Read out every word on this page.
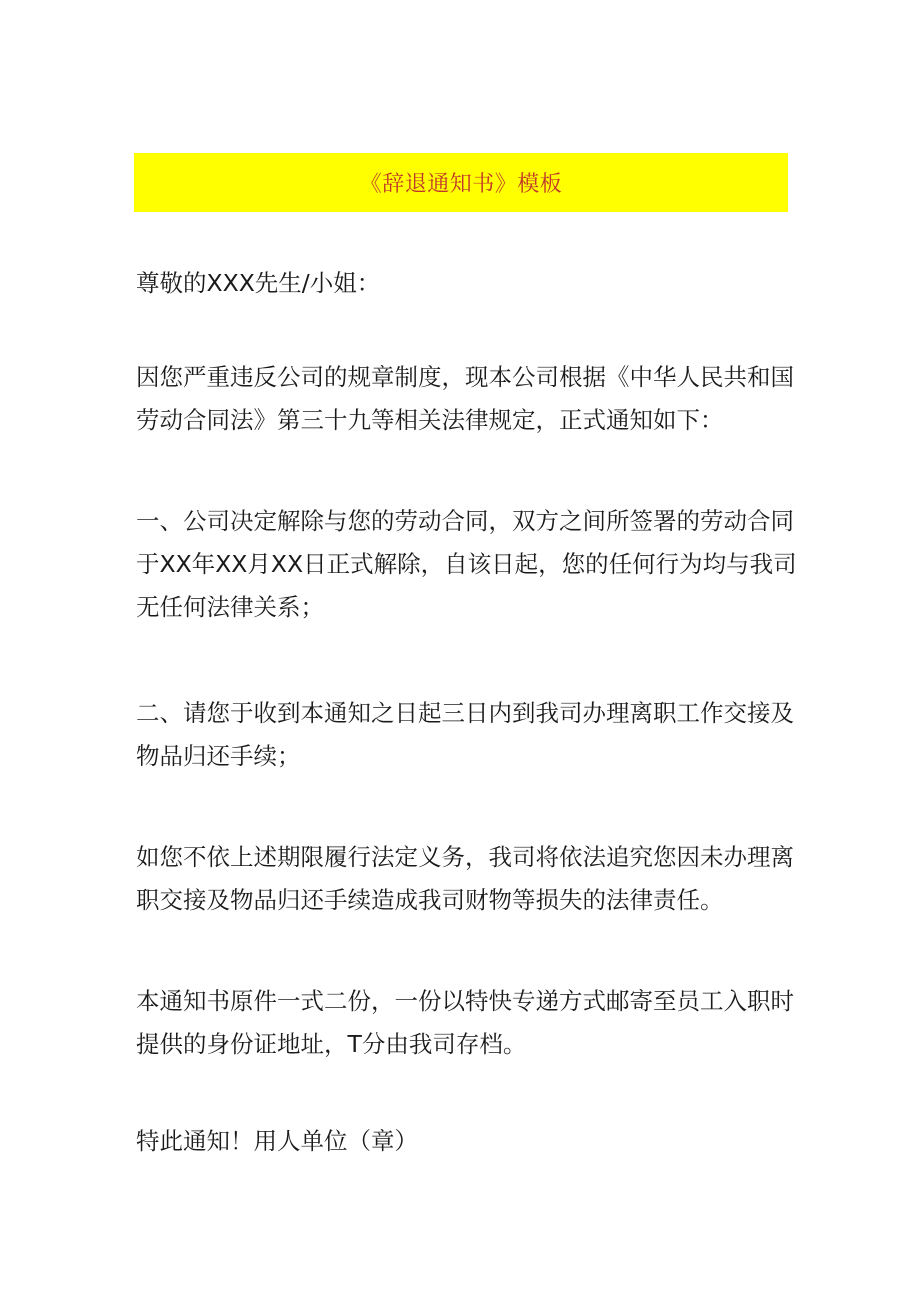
《辞退通知书》模板

尊敬的XXX先生/小姐：

因您严重违反公司的规章制度，现本公司根据《中华人民共和国
劳动合同法》第三十九等相关法律规定，正式通知如下：

一、公司决定解除与您的劳动合同，双方之间所签署的劳动合同
于XX年XX月XX日正式解除，自该日起，您的任何行为均与我司
无任何法律关系；

二、请您于收到本通知之日起三日内到我司办理离职工作交接及
物品归还手续；

如您不依上述期限履行法定义务，我司将依法追究您因未办理离
职交接及物品归还手续造成我司财物等损失的法律责任。

本通知书原件一式二份，一份以特快专递方式邮寄至员工入职时
提供的身份证地址，T分由我司存档。

特此通知！用人单位（章）
